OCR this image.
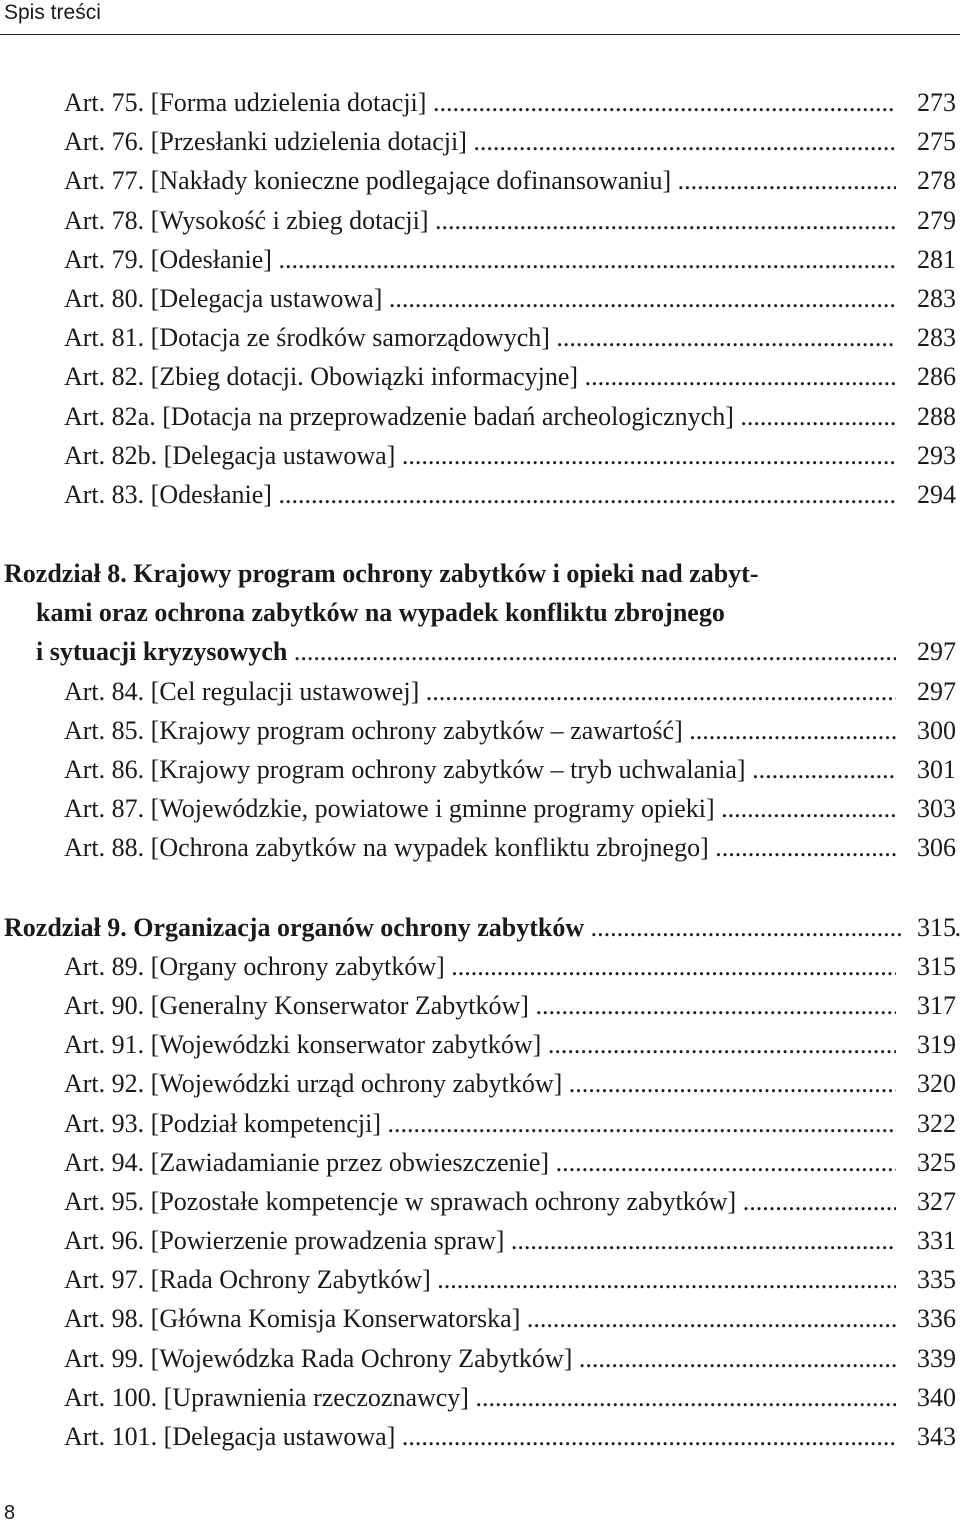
Spis treści
Art. 75. [Forma udzielenia dotacji] .....	273
Art. 76. [Przesłanki udzielenia dotacji] .....	275
Art. 77. [Nakłady konieczne podlegające dofinansowaniu] .....	278
Art. 78. [Wysokość i zbieg dotacji] .....	279
Art. 79. [Odesłanie] .....	281
Art. 80. [Delegacja ustawowa] .....	283
Art. 81. [Dotacja ze środków samorządowych] .....	283
Art. 82. [Zbieg dotacji. Obowiązki informacyjne] .....	286
Art. 82a. [Dotacja na przeprowadzenie badań archeologicznych] .....	288
Art. 82b. [Delegacja ustawowa] .....	293
Art. 83. [Odesłanie] .....	294
Rozdział 8. Krajowy program ochrony zabytków i opieki nad zabyt-
kami oraz ochrona zabytków na wypadek konfliktu zbrojnego
i sytuacji kryzysowych .....	297
Art. 84. [Cel regulacji ustawowej] .....	297
Art. 85. [Krajowy program ochrony zabytków – zawartość] .....	300
Art. 86. [Krajowy program ochrony zabytków – tryb uchwalania] .....	301
Art. 87. [Wojewódzkie, powiatowe i gminne programy opieki] .....	303
Art. 88. [Ochrona zabytków na wypadek konfliktu zbrojnego] .....	306
Rozdział 9. Organizacja organów ochrony zabytków .....	315
Art. 89. [Organy ochrony zabytków] .....	315
Art. 90. [Generalny Konserwator Zabytków] .....	317
Art. 91. [Wojewódzki konserwator zabytków] .....	319
Art. 92. [Wojewódzki urząd ochrony zabytków] .....	320
Art. 93. [Podział kompetencji] .....	322
Art. 94. [Zawiadamianie przez obwieszczenie] .....	325
Art. 95. [Pozostałe kompetencje w sprawach ochrony zabytków] .....	327
Art. 96. [Powierzenie prowadzenia spraw] .....	331
Art. 97. [Rada Ochrony Zabytków] .....	335
Art. 98. [Główna Komisja Konserwatorska] .....	336
Art. 99. [Wojewódzka Rada Ochrony Zabytków] .....	339
Art. 100. [Uprawnienia rzeczoznawcy] .....	340
Art. 101. [Delegacja ustawowa] .....	343
8
